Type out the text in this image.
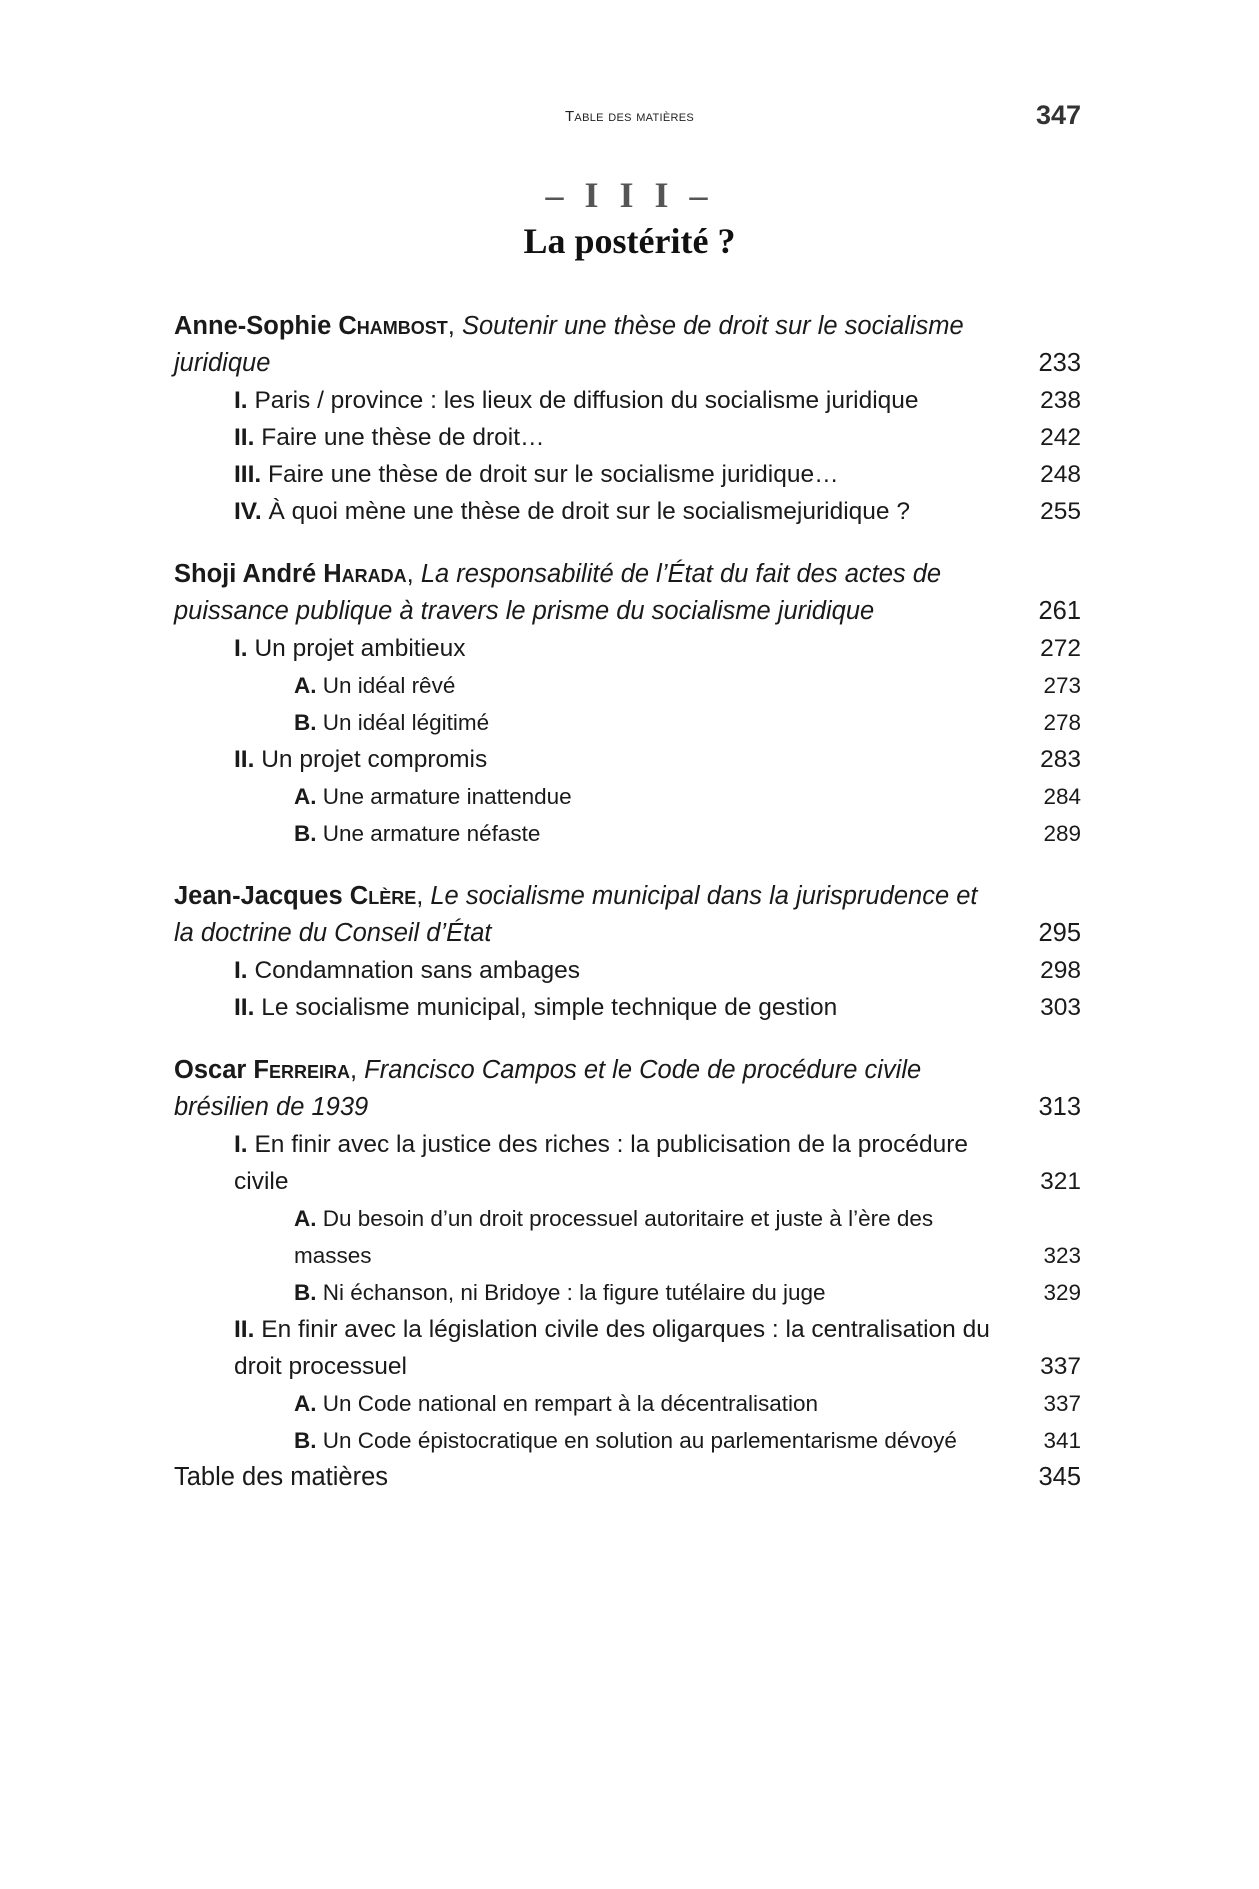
Table des matières	347
– I I I –
La postérité ?
Anne-Sophie Chambost, Soutenir une thèse de droit sur le socialisme juridique	233
I. Paris / province : les lieux de diffusion du socialisme juridique	238
II. Faire une thèse de droit…	242
III. Faire une thèse de droit sur le socialisme juridique…	248
IV. À quoi mène une thèse de droit sur le socialismejuridique ?	255
Shoji André Harada, La responsabilité de l’État du fait des actes de puissance publique à travers le prisme du socialisme juridique	261
I. Un projet ambitieux	272
A. Un idéal rêvé	273
B. Un idéal légitimé	278
II. Un projet compromis	283
A. Une armature inattendue	284
B. Une armature néfaste	289
Jean-Jacques Clère, Le socialisme municipal dans la jurisprudence et la doctrine du Conseil d’État	295
I. Condamnation sans ambages	298
II. Le socialisme municipal, simple technique de gestion	303
Oscar Ferreira, Francisco Campos et le Code de procédure civile brésilien de 1939	313
I. En finir avec la justice des riches : la publicisation de la procédure civile	321
A. Du besoin d’un droit processuel autoritaire et juste à l’ère des masses	323
B. Ni échanson, ni Bridoye : la figure tutélaire du juge	329
II. En finir avec la législation civile des oligarques : la centralisation du droit processuel	337
A. Un Code national en rempart à la décentralisation	337
B. Un Code épistocratique en solution au parlementarisme dévoyé	341
Table des matières	345
